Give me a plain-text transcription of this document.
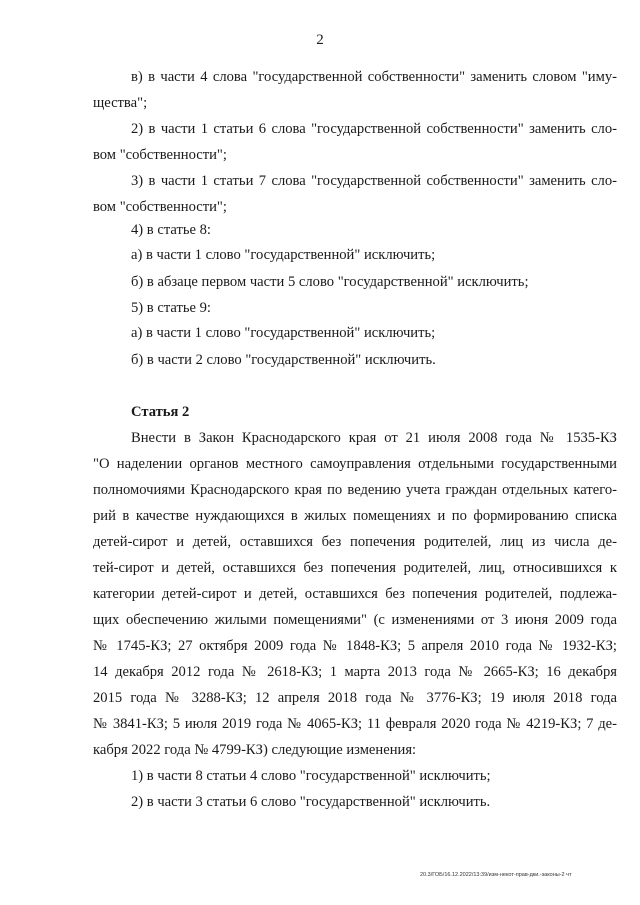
2
в) в части 4 слова "государственной собственности" заменить словом "иму-
щества";
2) в части 1 статьи 6 слова "государственной собственности" заменить сло-
вом "собственности";
3) в части 1 статьи 7 слова "государственной собственности" заменить сло-
вом "собственности";
4) в статье 8:
а) в части 1 слово "государственной" исключить;
б) в абзаце первом части 5 слово "государственной" исключить;
5) в статье 9:
а) в части 1 слово "государственной" исключить;
б) в части 2 слово "государственной" исключить.
Статья 2
Внести в Закон Краснодарского края от 21 июля 2008 года № 1535-КЗ
"О наделении органов местного самоуправления отдельными государственными
полномочиями Краснодарского края по ведению учета граждан отдельных катего-
рий в качестве нуждающихся в жилых помещениях и по формированию списка
детей-сирот и детей, оставшихся без попечения родителей, лиц из числа де-
тей-сирот и детей, оставшихся без попечения родителей, лиц, относившихся к
категории детей-сирот и детей, оставшихся без попечения родителей, подлежа-
щих обеспечению жилыми помещениями" (с изменениями от 3 июня 2009 года
№ 1745-КЗ; 27 октября 2009 года № 1848-КЗ; 5 апреля 2010 года № 1932-КЗ;
14 декабря 2012 года № 2618-КЗ; 1 марта 2013 года № 2665-КЗ; 16 декабря
2015 года № 3288-КЗ; 12 апреля 2018 года № 3776-КЗ; 19 июля 2018 года
№ 3841-КЗ; 5 июля 2019 года № 4065-КЗ; 11 февраля 2020 года № 4219-КЗ; 7 де-
кабря 2022 года № 4799-КЗ) следующие изменения:
1) в части 8 статьи 4 слово "государственной" исключить;
2) в части 3 статьи 6 слово "государственной" исключить.
20.3/ГОБ/16.12.2022/13:39/изм-некот-прав-дки.-законы-2 чт
